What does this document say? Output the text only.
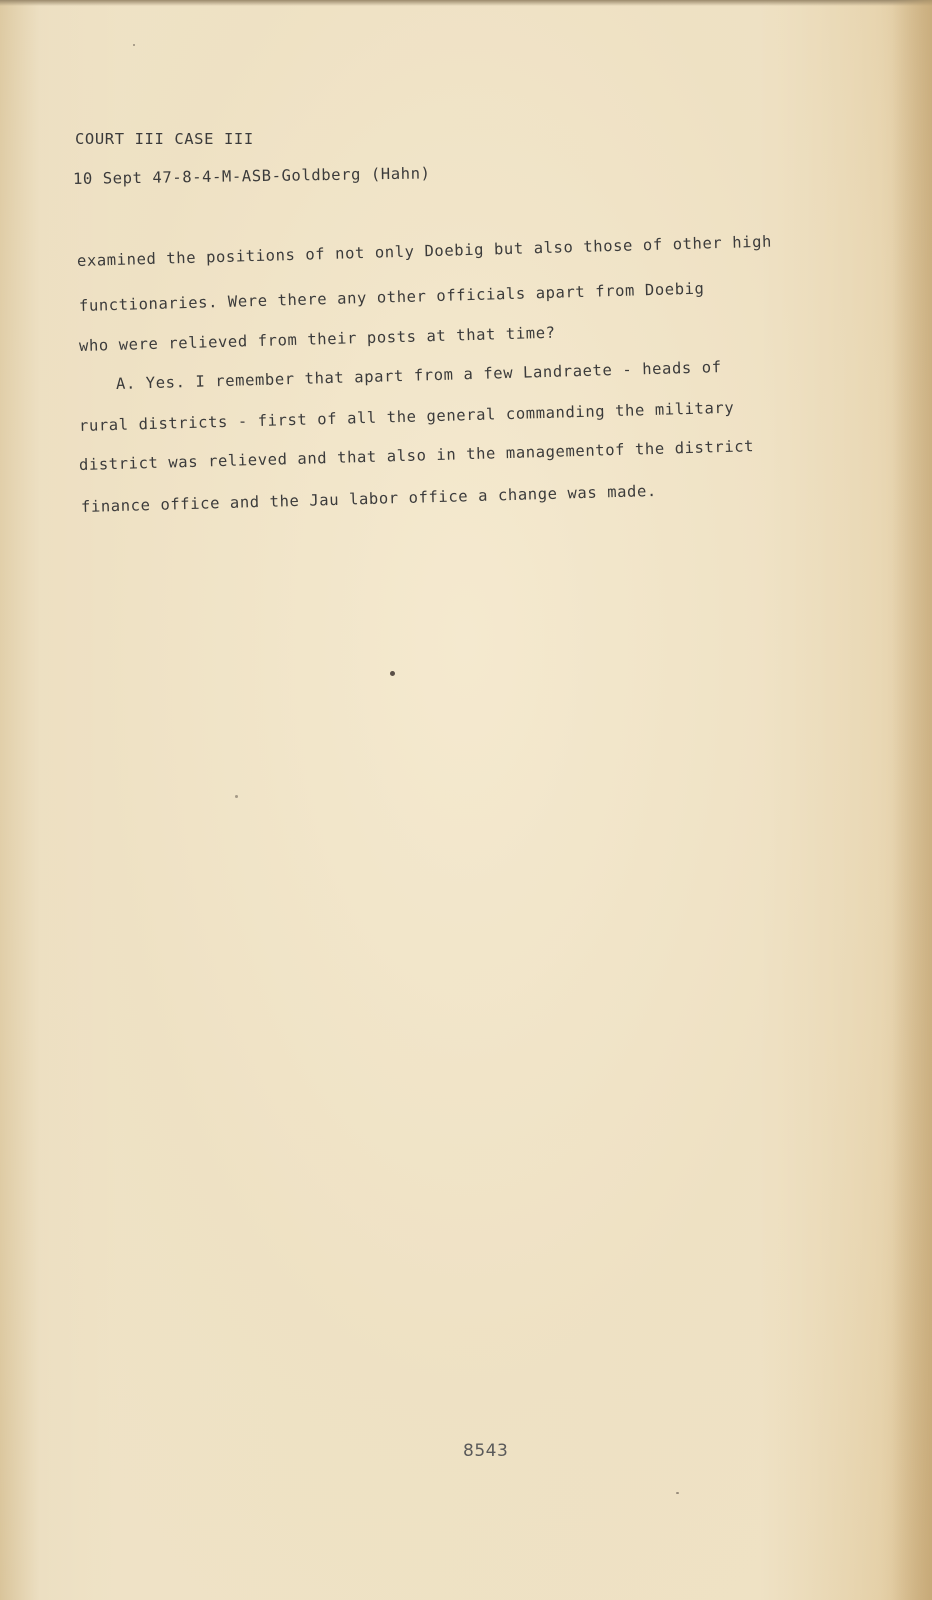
COURT III CASE III
10 Sept 47-8-4-M-ASB-Goldberg (Hahn)
examined the positions of not only Doebig but also those of other high
functionaries. Were there any other officials apart from Doebig
who were relieved from their posts at that time?
A. Yes. I remember that apart from a few Landraete - heads of
rural districts - first of all the general commanding the military
district was relieved and that also in the managementof the district
finance office and the Jau labor office a change was made.
8543
